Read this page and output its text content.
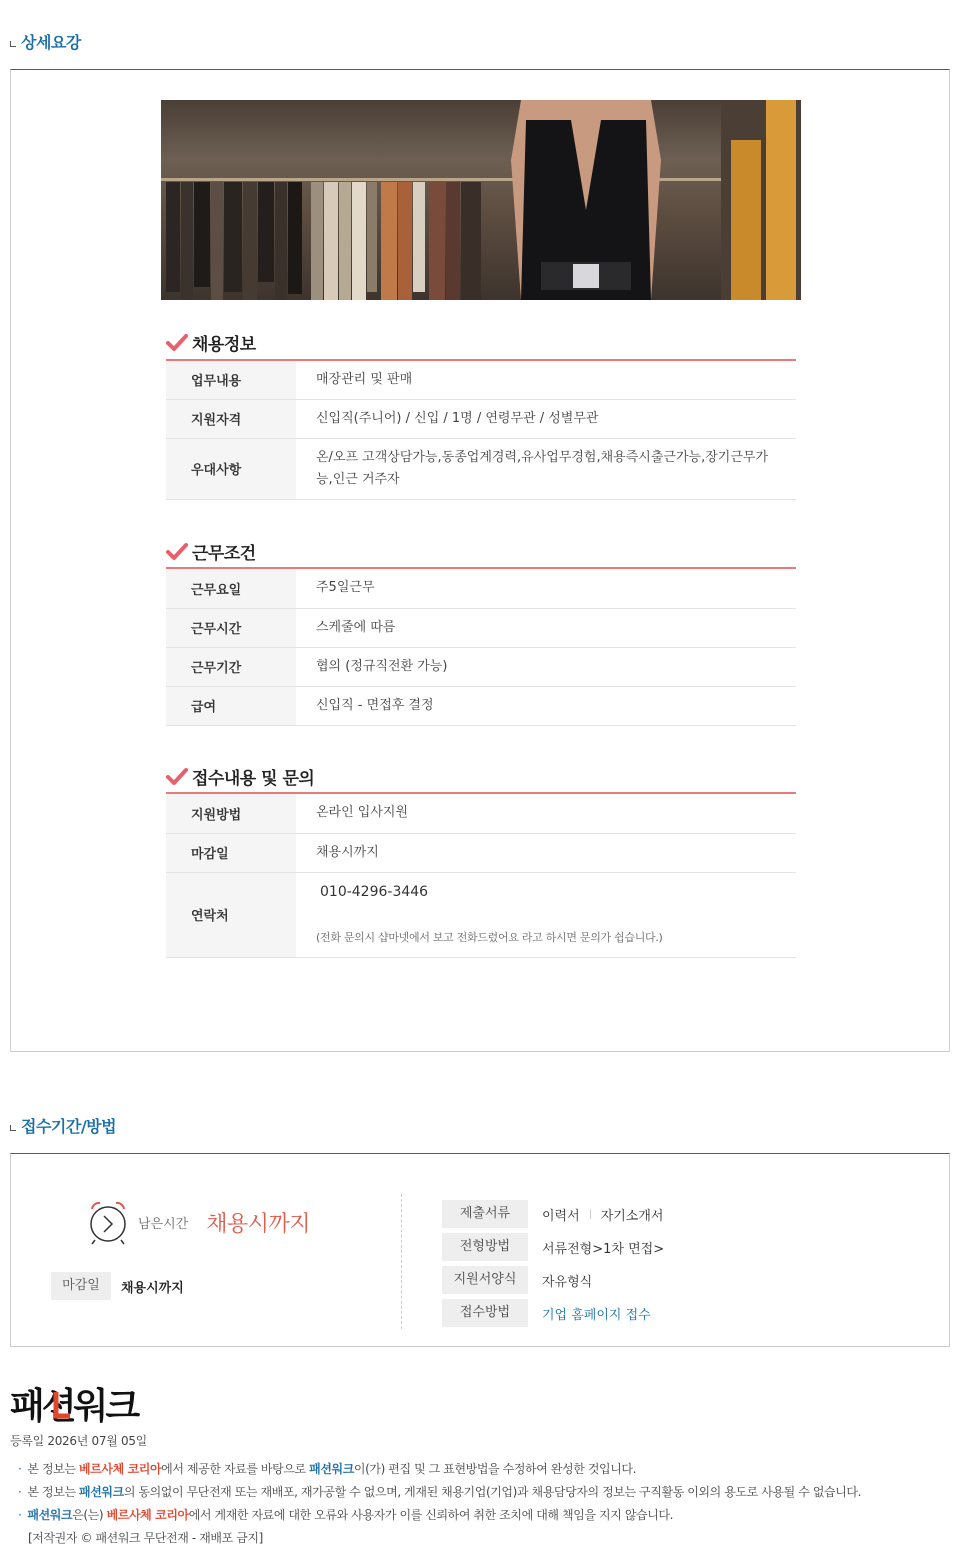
상세요강
채용정보
업무내용	매장관리 및 판매
지원자격	신입직(주니어) / 신입 / 1명 / 연령무관 / 성별무관
우대사항	온/오프 고객상담가능,동종업계경력,유사업무경험,채용즉시출근가능,장기근무가능,인근 거주자
근무조건
근무요일	주5일근무
근무시간	스케줄에 따름
근무기간	협의 (정규직전환 가능)
급여	신입직 - 면접후 결정
접수내용 및 문의
지원방법	온라인 입사지원
마감일	채용시까지
연락처	010-4296-3446
(전화 문의시 샵마넷에서 보고 전화드렸어요 라고 하시면 문의가 쉽습니다.)
접수기간/방법
남은시간 채용시까지
마감일	채용시까지
제출서류	이력서 자기소개서
전형방법	서류전형>1차 면접>
지원서양식	자유형식
접수방법	기업 홈페이지 접수
패션워크
등록일 2026년 07월 05일
· 본 정보는 베르사체 코리아에서 제공한 자료를 바탕으로 패션워크이(가) 편집 및 그 표현방법을 수정하여 완성한 것입니다.
· 본 정보는 패션워크의 동의없이 무단전재 또는 재배포, 재가공할 수 없으며, 게재된 채용기업(기업)과 채용담당자의 정보는 구직활동 이외의 용도로 사용될 수 없습니다.
· 패션워크은(는) 베르사체 코리아에서 게재한 자료에 대한 오류와 사용자가 이를 신뢰하여 취한 조치에 대해 책임을 지지 않습니다.
[저작권자 © 패션워크 무단전재 - 재배포 금지]
